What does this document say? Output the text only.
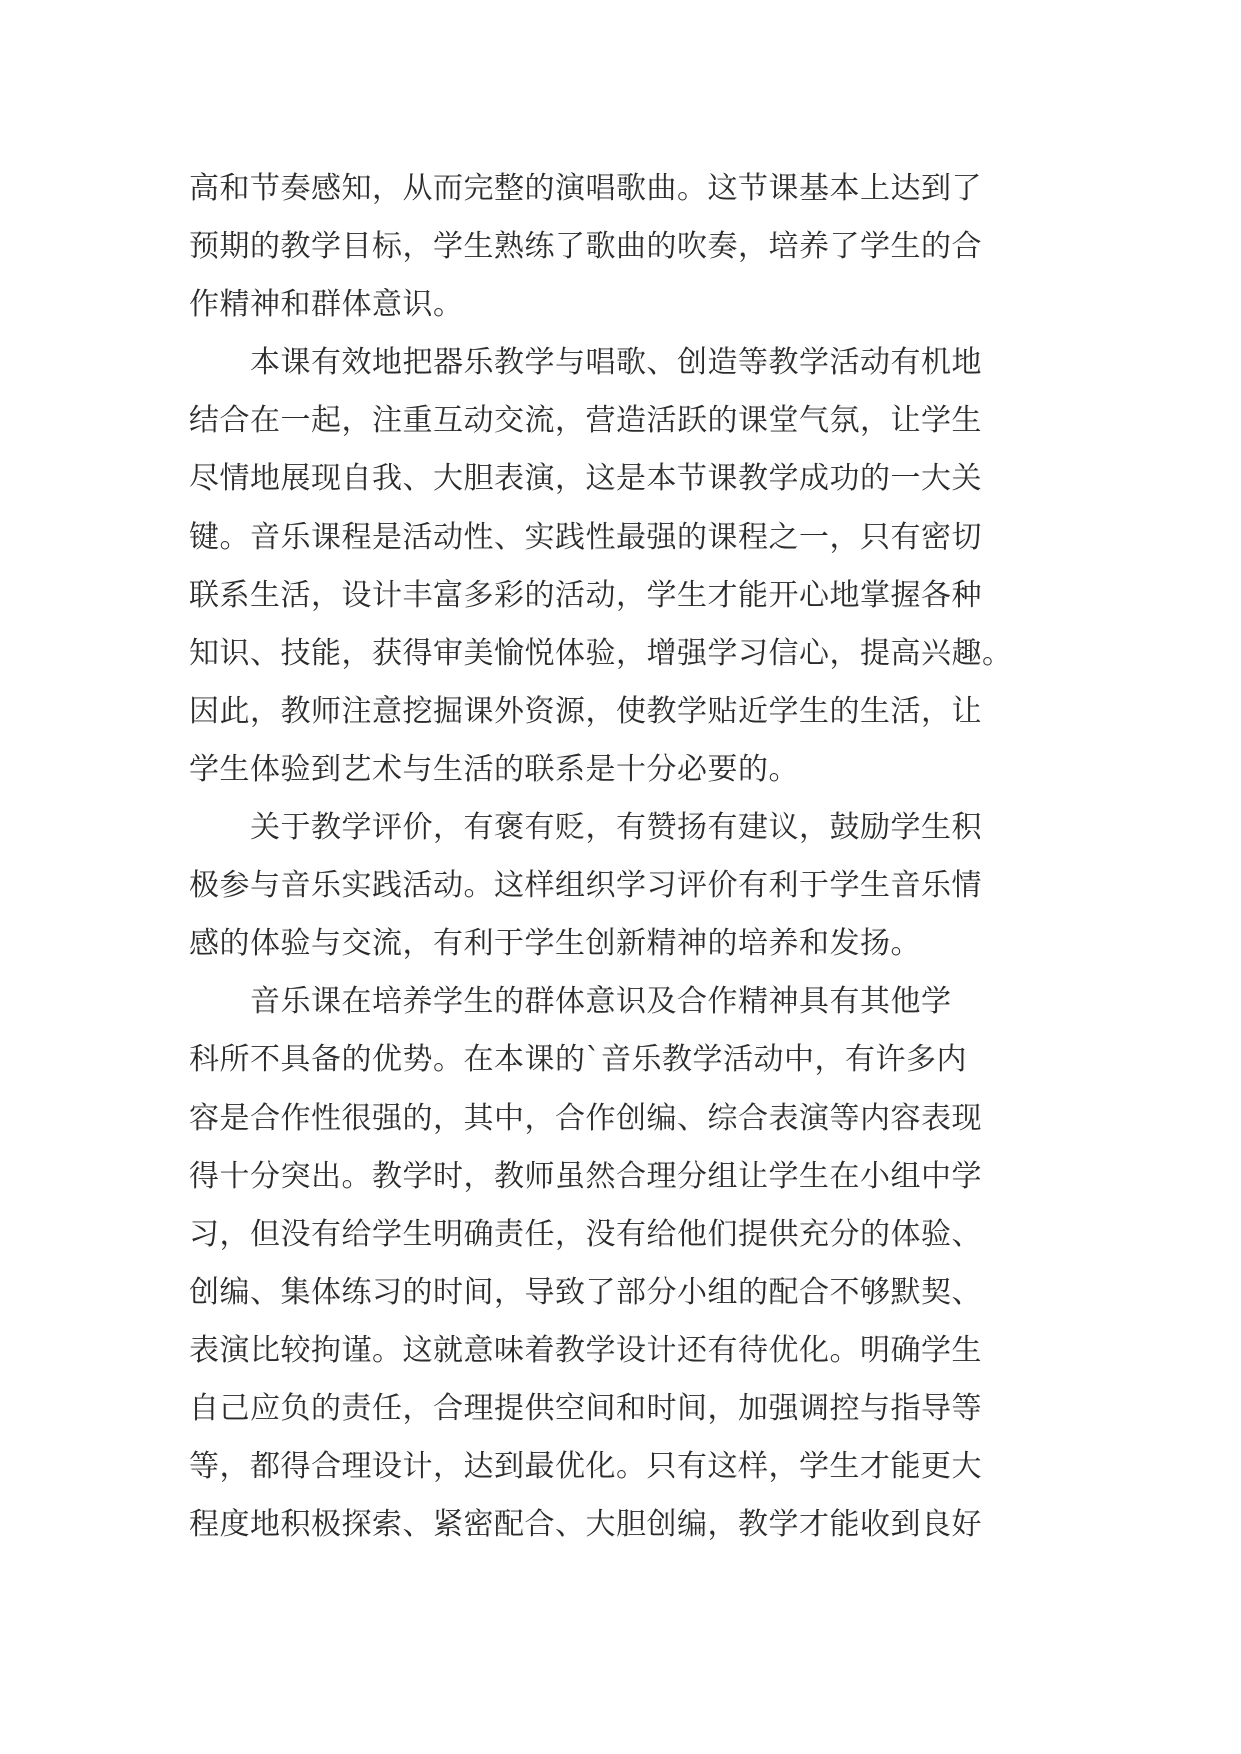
高和节奏感知，从而完整的演唱歌曲。这节课基本上达到了
预期的教学目标，学生熟练了歌曲的吹奏，培养了学生的合
作精神和群体意识。
　　本课有效地把器乐教学与唱歌、创造等教学活动有机地
结合在一起，注重互动交流，营造活跃的课堂气氛，让学生
尽情地展现自我、大胆表演，这是本节课教学成功的一大关
键。音乐课程是活动性、实践性最强的课程之一，只有密切
联系生活，设计丰富多彩的活动，学生才能开心地掌握各种
知识、技能，获得审美愉悦体验，增强学习信心，提高兴趣。
因此，教师注意挖掘课外资源，使教学贴近学生的生活，让
学生体验到艺术与生活的联系是十分必要的。
　　关于教学评价，有褒有贬，有赞扬有建议，鼓励学生积
极参与音乐实践活动。这样组织学习评价有利于学生音乐情
感的体验与交流，有利于学生创新精神的培养和发扬。
　　音乐课在培养学生的群体意识及合作精神具有其他学
科所不具备的优势。在本课的`音乐教学活动中，有许多内
容是合作性很强的，其中，合作创编、综合表演等内容表现
得十分突出。教学时，教师虽然合理分组让学生在小组中学
习，但没有给学生明确责任，没有给他们提供充分的体验、
创编、集体练习的时间，导致了部分小组的配合不够默契、
表演比较拘谨。这就意味着教学设计还有待优化。明确学生
自己应负的责任，合理提供空间和时间，加强调控与指导等
等，都得合理设计，达到最优化。只有这样，学生才能更大
程度地积极探索、紧密配合、大胆创编，教学才能收到良好
